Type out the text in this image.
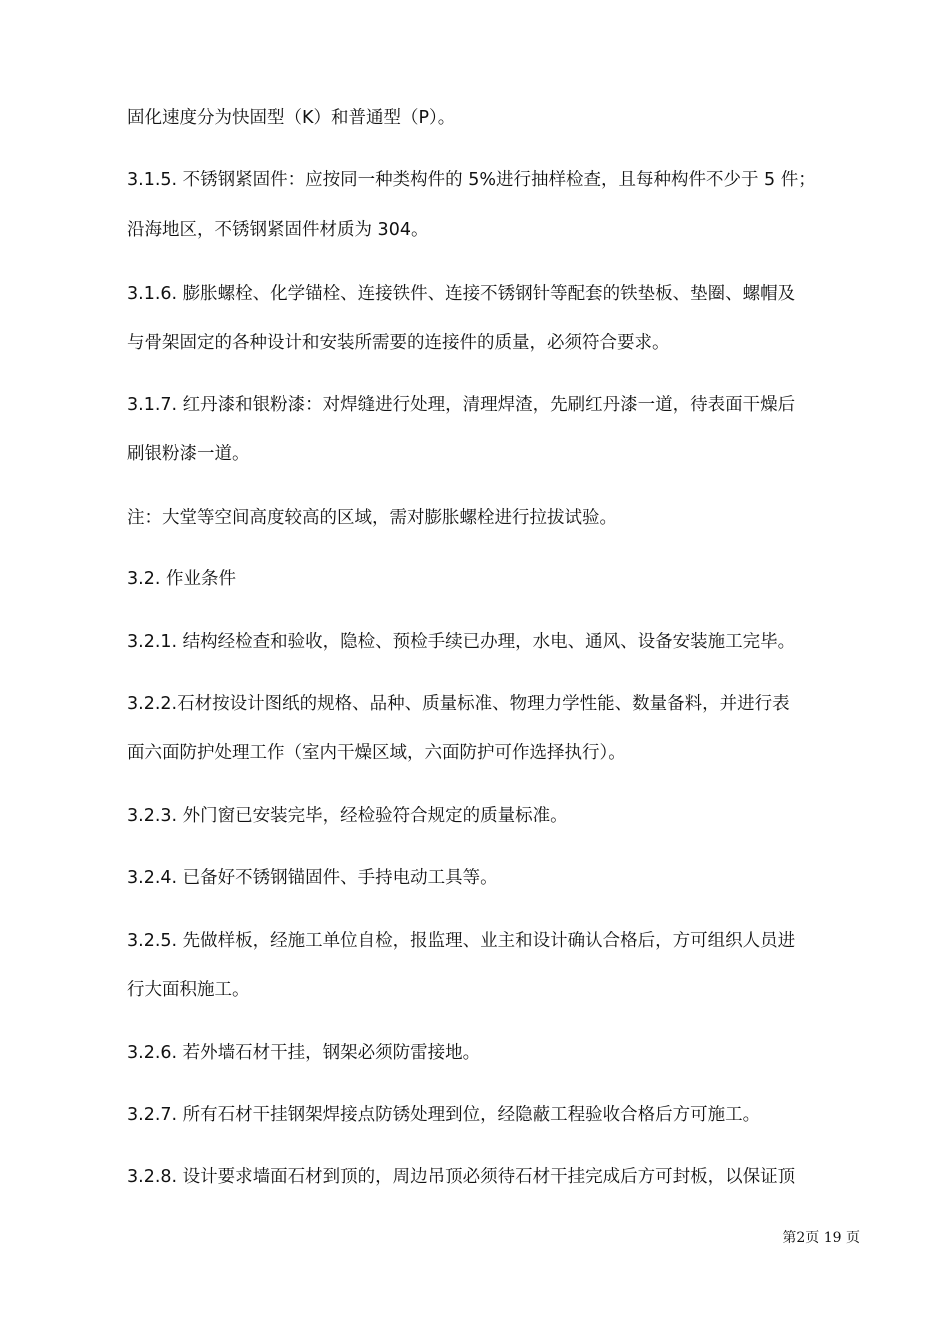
固化速度分为快固型（K）和普通型（P）。
3.1.5. 不锈钢紧固件：应按同一种类构件的 5%进行抽样检查，且每种构件不少于 5 件；
沿海地区，不锈钢紧固件材质为 304。
3.1.6. 膨胀螺栓、化学锚栓、连接铁件、连接不锈钢针等配套的铁垫板、垫圈、螺帽及
与骨架固定的各种设计和安装所需要的连接件的质量，必须符合要求。
3.1.7. 红丹漆和银粉漆：对焊缝进行处理，清理焊渣，先刷红丹漆一道，待表面干燥后
刷银粉漆一道。
注：大堂等空间高度较高的区域，需对膨胀螺栓进行拉拔试验。
3.2. 作业条件
3.2.1. 结构经检查和验收，隐检、预检手续已办理，水电、通风、设备安装施工完毕。
3.2.2.石材按设计图纸的规格、品种、质量标准、物理力学性能、数量备料，并进行表
面六面防护处理工作（室内干燥区域，六面防护可作选择执行）。
3.2.3. 外门窗已安装完毕，经检验符合规定的质量标准。
3.2.4. 已备好不锈钢锚固件、手持电动工具等。
3.2.5. 先做样板，经施工单位自检，报监理、业主和设计确认合格后，方可组织人员进
行大面积施工。
3.2.6. 若外墙石材干挂，钢架必须防雷接地。
3.2.7. 所有石材干挂钢架焊接点防锈处理到位，经隐蔽工程验收合格后方可施工。
3.2.8. 设计要求墙面石材到顶的，周边吊顶必须待石材干挂完成后方可封板，以保证顶
第2页 19 页
